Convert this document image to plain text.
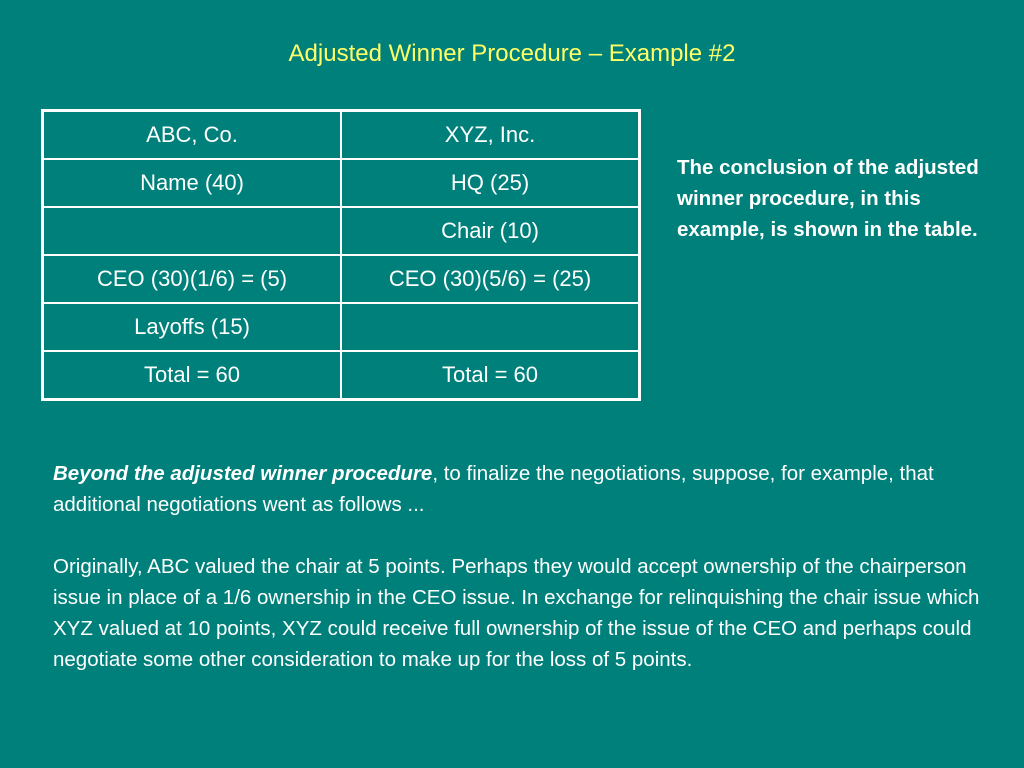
Adjusted Winner Procedure – Example #2
ABC, Co.	XYZ, Inc.
Name (40)	HQ (25)
	Chair (10)
CEO (30)(1/6) = (5)	CEO (30)(5/6) = (25)
Layoffs (15)	
Total = 60	Total = 60
The conclusion of the adjusted winner procedure, in this example, is shown in the table.

Beyond the adjusted winner procedure, to finalize the negotiations, suppose, for example, that additional negotiations went as follows ...

Originally, ABC valued the chair at 5 points. Perhaps they would accept ownership of the chairperson issue in place of a 1/6 ownership in the CEO issue. In exchange for relinquishing the chair issue which XYZ valued at 10 points, XYZ could receive full ownership of the issue of the CEO and perhaps could negotiate some other consideration to make up for the loss of 5 points.
